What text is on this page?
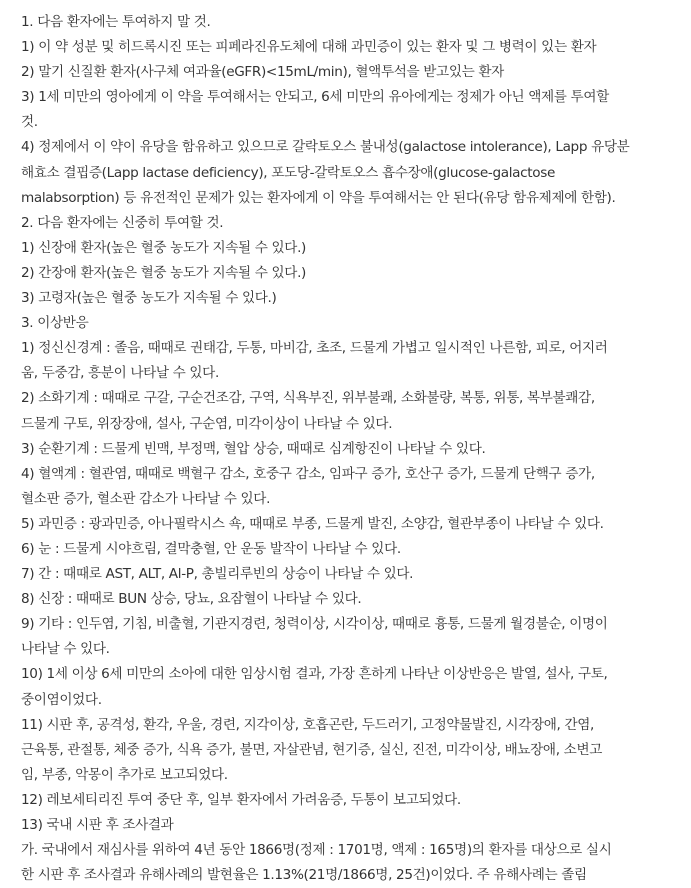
1. 다음 환자에는 투여하지 말 것.
1) 이 약 성분 및 히드록시진 또는 피페라진유도체에 대해 과민증이 있는 환자 및 그 병력이 있는 환자
2) 말기 신질환 환자(사구체 여과율(eGFR)<15mL/min), 혈액투석을 받고있는 환자
3) 1세 미만의 영아에게 이 약을 투여해서는 안되고, 6세 미만의 유아에게는 정제가 아닌 액제를 투여할
것.
4) 정제에서 이 약이 유당을 함유하고 있으므로 갈락토오스 불내성(galactose intolerance), Lapp 유당분
해효소 결핍증(Lapp lactase deficiency), 포도당-갈락토오스 흡수장애(glucose-galactose
malabsorption) 등 유전적인 문제가 있는 환자에게 이 약을 투여해서는 안 된다(유당 함유제제에 한함).
2. 다음 환자에는 신중히 투여할 것.
1) 신장애 환자(높은 혈중 농도가 지속될 수 있다.)
2) 간장애 환자(높은 혈중 농도가 지속될 수 있다.)
3) 고령자(높은 혈중 농도가 지속될 수 있다.)
3. 이상반응
1) 정신신경계 : 졸음, 때때로 권태감, 두통, 마비감, 초조, 드물게 가볍고 일시적인 나른함, 피로, 어지러
움, 두중감, 흥분이 나타날 수 있다.
2) 소화기계 : 때때로 구갈, 구순건조감, 구역, 식욕부진, 위부불쾌, 소화불량, 복통, 위통, 복부불쾌감,
드물게 구토, 위장장애, 설사, 구순염, 미각이상이 나타날 수 있다.
3) 순환기계 : 드물게 빈맥, 부정맥, 혈압 상승, 때때로 심계항진이 나타날 수 있다.
4) 혈액계 : 혈관염, 때때로 백혈구 감소, 호중구 감소, 임파구 증가, 호산구 증가, 드물게 단핵구 증가,
혈소판 증가, 혈소판 감소가 나타날 수 있다.
5) 과민증 : 광과민증, 아나필락시스 쇽, 때때로 부종, 드물게 발진, 소양감, 혈관부종이 나타날 수 있다.
6) 눈 : 드물게 시야흐림, 결막충혈, 안 운동 발작이 나타날 수 있다.
7) 간 : 때때로 AST, ALT, Al-P, 총빌리루빈의 상승이 나타날 수 있다.
8) 신장 : 때때로 BUN 상승, 당뇨, 요잠혈이 나타날 수 있다.
9) 기타 : 인두염, 기침, 비출혈, 기관지경련, 청력이상, 시각이상, 때때로 흉통, 드물게 월경불순, 이명이
나타날 수 있다.
10) 1세 이상 6세 미만의 소아에 대한 임상시험 결과, 가장 흔하게 나타난 이상반응은 발열, 설사, 구토,
중이염이었다.
11) 시판 후, 공격성, 환각, 우울, 경련, 지각이상, 호흡곤란, 두드러기, 고정약물발진, 시각장애, 간염,
근육통, 관절통, 체중 증가, 식욕 증가, 불면, 자살관념, 현기증, 실신, 진전, 미각이상, 배뇨장애, 소변고
임, 부종, 악몽이 추가로 보고되었다.
12) 레보세티리진 투여 중단 후, 일부 환자에서 가려움증, 두통이 보고되었다.
13) 국내 시판 후 조사결과
가. 국내에서 재심사를 위하여 4년 동안 1866명(정제 : 1701명, 액제 : 165명)의 환자를 대상으로 실시
한 시판 후 조사결과 유해사례의 발현율은 1.13%(21명/1866명, 25건)이었다. 주 유해사례는 졸림
